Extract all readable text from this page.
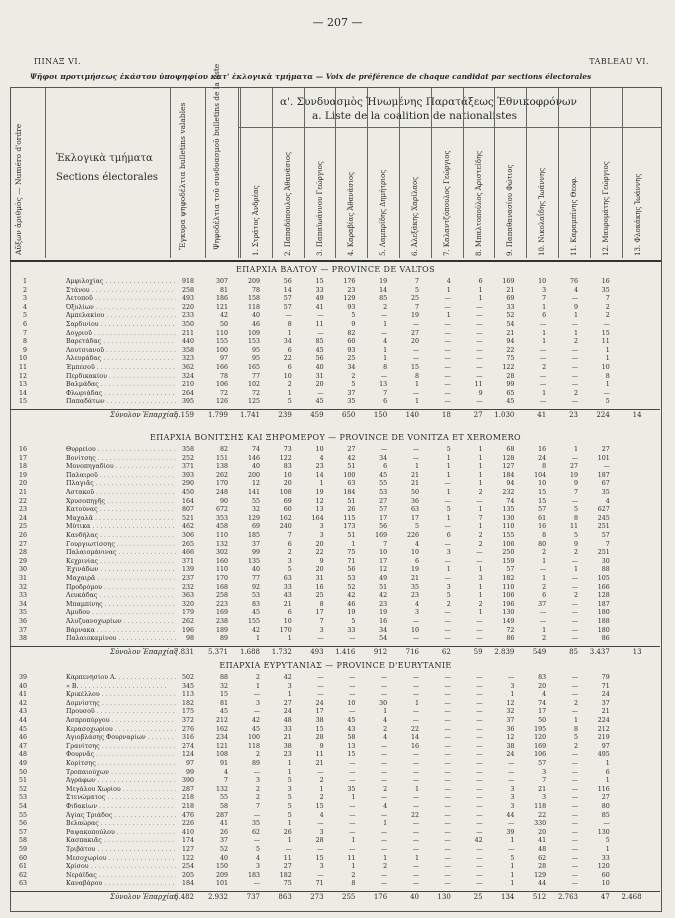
— 207 —
ΠΙΝΑΞ VI.	TABLEAU VI.
Ψῆφοι προτιμήσεως ἑκάστου ὑποψηφίου κατ' ἐκλογικὰ τμήματα — Voix de préférence de chaque candidat par sections électorales
Αὔξων ἀριθμὸς — Numéro d'ordre	Ἐκλογικὰ τμήματα
Sections électorales	Ἔγκυρα ψηφοδέλτια bulletins valables	Ψηφοδέλτια τοῦ συνδυασμοῦ bulletins de la liste	α'. Συνδυασμὸς Ἡνωμένης Παρατάξεως Ἐθνικοφρόνων
a. Liste de la coalition de nationalistes
1. Στράτος Ἀνδρέας	2. Παπαδόπουλος Ἀθανάσιος	3. Παπαϊωάννου Γεώργιος	4. Καραβίας Ἀθανάσιος	5. Λαμπρίδης Δημήτριος	6. Ἀλεξάκης Χαρίλαος	7. Καλαντζόπουλος Γεώργιος	8. Μπαλτοπούλος Ἀριστείδης	9. Παπαθανασίου Φώτιος	10. Νικολαΐδης Ἰωάννης	11. Καραμπίνης Θεοφ.	12. Μαυρομάτης Γεώργιος	13. Φλοκάκης Ἰωάννης
ΕΠΑΡΧΙΑ ΒΑΛΤΟΥ — PROVINCE DE VALTOS
1	Ἀμφιλοχίας . . .	918	307	209	56	15	176	19	7	4	6	169	10	76	16
2	Στάνου . . .	258	81	78	14	33	23	14	5	1	1	21	3	4	35
3	Ἀετοποῦ . . .	493	186	158	57	49	129	85	25	—	1	69	7	—	7
4	Ὀξυλίων . . .	220	121	118	57	41	93	2	7	—	—	33	1	9	2
5	Ἀμπελακίου . . .	233	42	40	—	—	5	—	19	1	—	52	6	1	2
6	Σαρδινίου . . .	350	50	46	8	11	9	1	—	—	—	54	—	—	—
7	Δογριοῦ . . .	211	110	109	1	—	82	—	27	—	—	21	1	1	15
8	Βαρετάδας . . .	440	155	153	34	85	60	4	20	—	—	94	1	2	11
9	Λουτσιανοῦ . . .	358	100	95	6	45	93	1	—	—	—	22	—	—	1
10	Ἀλευράδας . . .	323	97	95	22	56	25	1	—	—	—	75	—	—	1
11	Ἐμπεσοῦ . . .	362	166	165	6	40	34	8	15	—	—	122	2	—	10
12	Περδικακίου . . .	324	78	77	10	31	2	—	8	—	—	28	—	—	8
13	Βαλμάδας . . .	210	106	102	2	20	5	13	1	—	11	99	—	—	1
14	Φλωριάδας . . .	264	72	72	1	—	37	7	—	—	9	65	1	2	—
15	Παπαδάτων . . .	395	126	125	5	45	35	6	1	—	—	45	—	—	5
Σύνολον Ἐπαρχίας
5.159	1.799	1.741	239	459	650	150	140	18	27	1.030	41	23	224	14
ΕΠΑΡΧΙΑ ΒΟΝΙΤΣΗΣ ΚΑΙ ΞΗΡΟΜΕΡΟΥ — PROVINCE DE VONITZA ET XEROMERO
16	Θυρρείου . . .	358	82	74	73	10	27	—	—	5	1	68	16	1	27
17	Βονίτσης . . .	252	151	146	122	4	42	34	—	1	1	128	24	—	101
18	Μονοπηγαδίου . . .	371	138	40	83	23	51	6	1	1	1	127	8	27	—
19	Παλαιροῦ . . .	393	262	200	10	14	100	45	21	1	1	184	104	19	187
20	Πλαγιᾶς . . .	290	170	12	20	1	63	55	21	—	1	94	10	9	67
21	Ἀστακοῦ . . .	450	248	141	108	19	184	53	50	1	2	232	15	7	35
22	Χρυσοπηγῆς . . .	164	90	55	69	12	51	27	36	—	—	74	15	—	4
23	Κατούνας . . .	807	672	32	60	13	26	57	63	5	1	135	57	5	627
24	Μαχαλᾶ . . .	521	353	129	162	164	115	17	17	1	7	130	61	8	245
25	Μύτικα . . .	462	458	69	240	3	173	56	5	—	1	110	16	11	251
26	Κανδήλας . . .	306	110	185	7	3	51	169	226	6	2	155	8	5	57
27	Γουργιωτίσσης . . .	265	132	37	6	20	1	7	4	—	2	106	80	9	7
28	Παλαιομάνινας . . .	466	302	99	2	22	75	10	10	3	—	250	2	2	251
29	Κεχρινίας . . .	371	160	135	3	9	71	17	6	—	—	159	1	—	30
30	Ἐχινάδων . . .	139	110	40	5	20	56	12	19	1	1	57	—	1	88
31	Μαχαιρᾶ . . .	237	170	77	63	31	53	49	21	—	3	182	1	—	105
32	Προδρόμου . . .	232	168	92	33	16	52	51	35	3	1	110	2	—	166
33	Λευκάδας . . .	363	258	53	43	25	42	42	23	5	1	106	6	2	128
34	Μπαμπίνης . . .	320	223	83	21	8	46	23	4	2	2	196	37	—	187
35	Ἀμυδου . . .	179	169	45	6	17	19	19	3	—	1	130	—	—	180
36	Ἀλυζυανοχωρίων . . .	262	238	155	10	7	5	16	—	—	—	149	—	—	188
37	Βάρνακα . . .	196	189	42	170	3	33	34	10	—	—	72	1	—	180
38	Παλαιοκαμίνου . . .	98	89	1	1	—	—	54	—	—	—	86	2	—	86
Σύνολον Ἐπαρχίας
7.831	5.371	1.688	1.732	493	1.416	912	716	62	59	2.839	549	85	3.437	13
ΕΠΑΡΧΙΑ ΕΥΡΥΤΑΝΙΑΣ — PROVINCE D'EURYTANIE
39	Καρπενησίου Α. . . .	502	88	2	42	—	—	—	—	—	—	—	83	—	79
40	» Β. . . .	345	32	1	3	—	—	—	—	—	—	3	20	—	71
41	Κρικέλλου . . .	113	15	—	1	—	—	—	—	—	—	1	4	—	24
42	Δομνίστης . . .	182	81	3	27	24	10	30	1	—	—	12	74	2	37
43	Προυσοῦ . . .	175	45	—	24	17	—	1	—	—	—	32	17	—	21
44	Ἀσπροπύργου . . .	372	212	42	48	38	45	4	—	—	—	37	50	1	224
45	Κερασοχωρίου . . .	276	162	45	33	15	43	2	22	—	—	36	195	8	212
46	Ἀγιοβλάσης Φουρναρίων . . .	316	234	100	21	28	58	4	14	—	—	12	120	5	219
47	Γρανίτσης . . .	274	121	118	38	9	13	—	16	—	—	38	169	2	97
48	Φουρνᾶς . . .	124	108	2	23	11	15	—	—	—	—	24	106	—	495
49	Κορίτσης . . .	97	91	89	1	21	—	—	—	—	—	—	57	—	1
50	Τροπαιούχων . . .	99	4	—	1	—	—	—	—	—	—	—	3	—	6
51	Ἀγράφων . . .	390	7	3	5	2	—	—	—	—	—	—	7	—	1
52	Μεγάλου Χωρίου . . .	287	132	2	3	1	35	2	1	—	—	3	21	—	116
53	Στενώματος . . .	218	55	2	5	2	1	—	—	—	—	3	3	—	27
54	Φιδακίων . . .	218	58	7	5	15	—	4	—	—	—	3	118	—	80
55	Ἁγίας Τριάδος . . .	476	287	—	5	4	—	—	22	—	—	44	22	—	85
56	Βελαώρας . . .	226	41	35	1	—	—	1	—	—	—	—	330	—	—
57	Ραψακοπούλου . . .	410	26	62	26	3	—	—	—	—	—	39	20	—	130
58	Κασπακιᾶς . . .	174	37	—	1	28	1	—	—	—	42	1	41	—	5
59	Τριβάτου . . .	127	52	5	—	—	—	—	—	—	—	—	48	—	1
60	Μεσοχωρίου . . .	122	40	4	11	15	11	1	1	—	—	5	62	—	33
61	Χρίσου . . .	254	150	3	27	3	1	2	—	—	—	1	28	—	120
62	Νεράϊδας . . .	205	209	183	182	—	2	—	—	—	—	1	129	—	60
63	Καναβάρου . . .	184	101	—	75	71	8	—	—	—	—	1	44	—	10
Σύνολον Ἐπαρχίας
6.482	2.932	737	863	273	255	176	40	130	25	134	512	2.763	47	2.468
